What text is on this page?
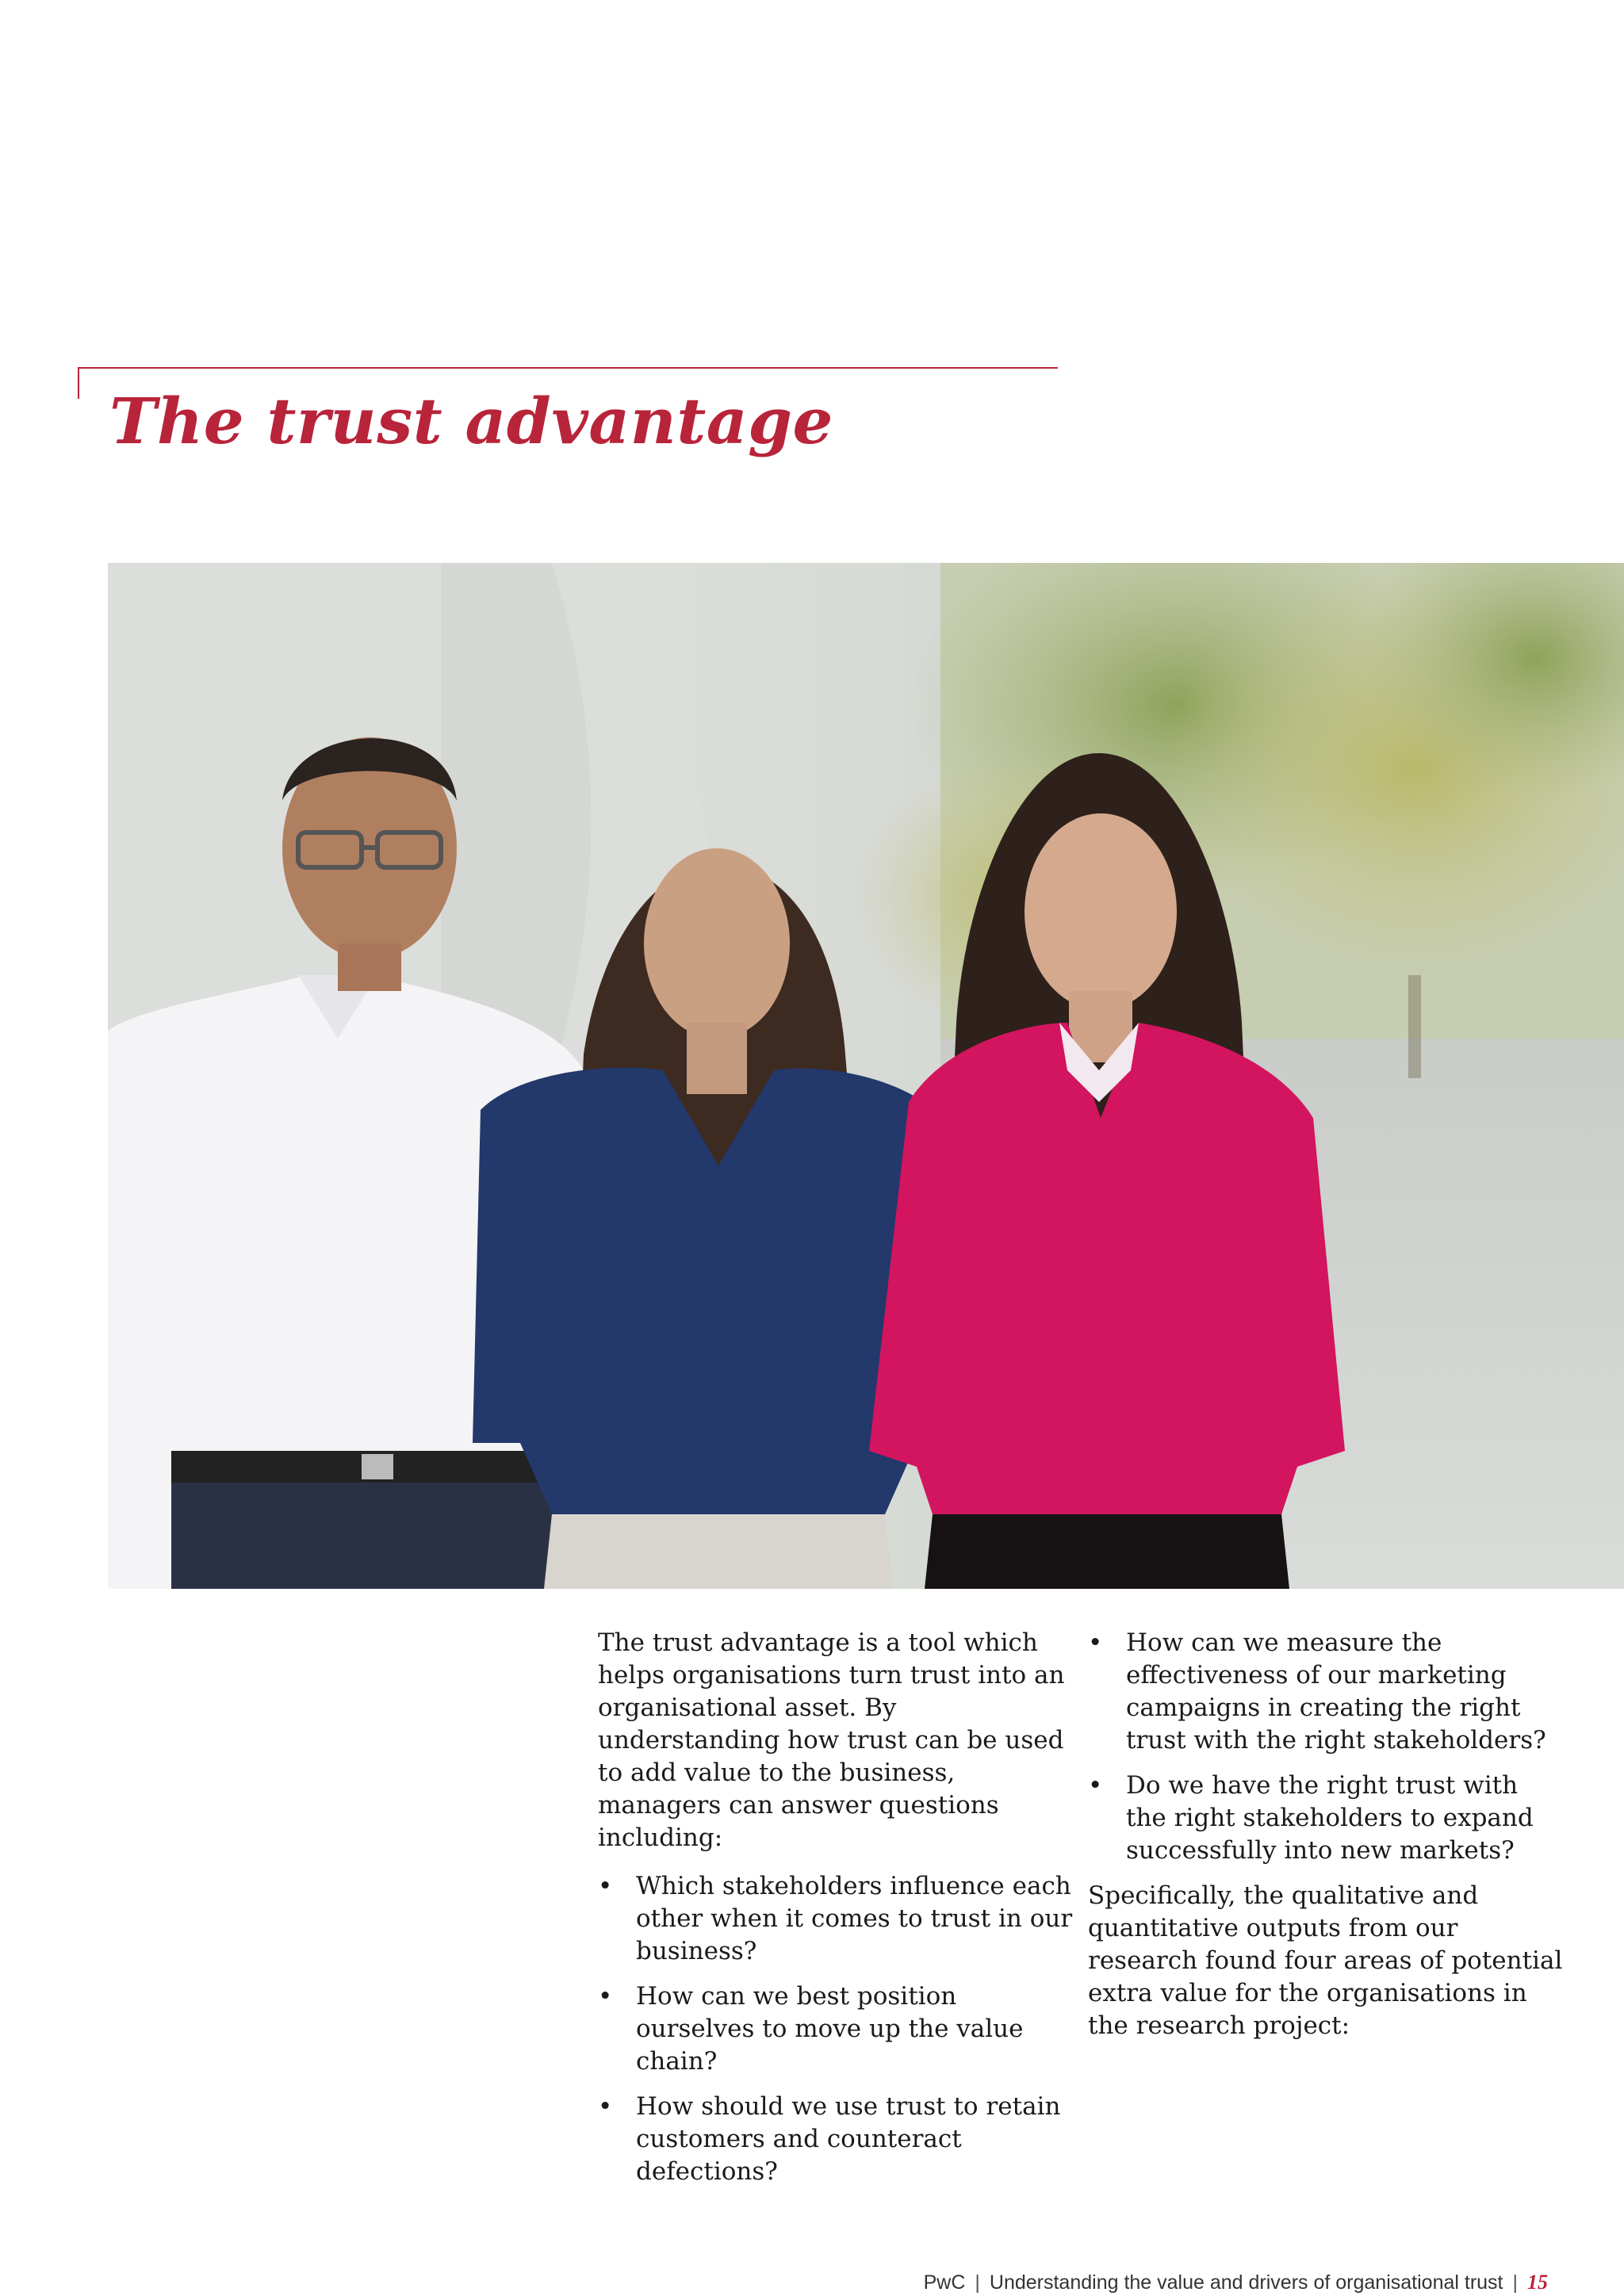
The trust advantage

The trust advantage is a tool which helps organisations turn trust into an organisational asset. By understanding how trust can be used to add value to the business, managers can answer questions including:

• Which stakeholders influence each other when it comes to trust in our business?
• How can we best position ourselves to move up the value chain?
• How should we use trust to retain customers and counteract defections?
• How can we measure the effectiveness of our marketing campaigns in creating the right trust with the right stakeholders?
• Do we have the right trust with the right stakeholders to expand successfully into new markets?

Specifically, the qualitative and quantitative outputs from our research found four areas of potential extra value for the organisations in the research project:

PwC | Understanding the value and drivers of organisational trust | 15
